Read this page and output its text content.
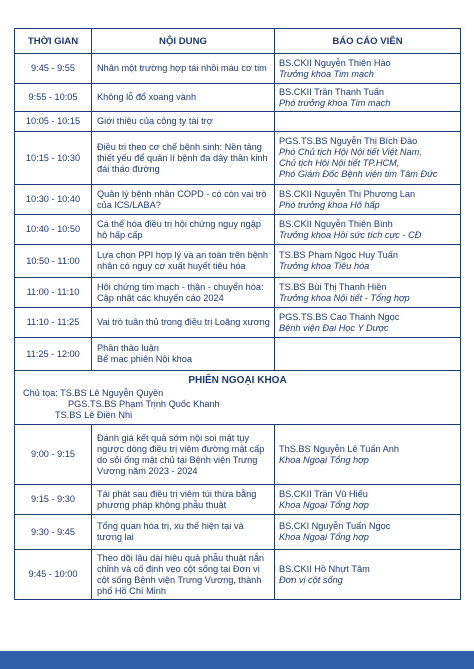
THỜI GIAN	NỘI DUNG	BÁO CÁO VIÊN
9:45 - 9:55	Nhân một trường hợp tái nhồi máu cơ tim	BS.CKII Nguyễn Thiên Hào
Trưởng khoa Tim mạch

9:55 - 10:05	Không lỗ đổ xoang vành	BS.CKII Trần Thanh Tuấn
Phó trưởng khoa Tim mạch

10:05 - 10:15	Giới thiệu của công ty tài trợ	
10:15 - 10:30	Điều trị theo cơ chế bệnh sinh: Nền tảng thiết yếu để quản lí bệnh đa dây thần kinh đái tháo đường	PGS.TS.BS Nguyễn Thị Bích Đào
Phó Chủ tịch Hội Nội tiết Việt Nam,
Chủ tịch Hội Nội tiết TP.HCM,
Phó Giám Đốc Bệnh viện tim Tâm Đức

10:30 - 10:40	Quản lý bệnh nhân COPD - có còn vai trò của ICS/LABA?	BS.CKII Nguyễn Thị Phương Lan
Phó trưởng khoa Hô hấp

10:40 - 10:50	Cá thể hóa điều trị hội chứng nguy ngập hô hấp cấp	BS.CKII Nguyễn Thiên Bình
Trưởng khoa Hồi sức tích cực - CĐ

10:50 - 11:00	Lựa chọn PPI hợp lý và an toàn trên bệnh nhân có nguy cơ xuất huyết tiêu hóa	TS.BS Phạm Ngọc Huy Tuấn
Trưởng khoa Tiêu hóa

11:00 - 11:10	Hội chứng tim mạch - thận - chuyển hóa: Cập nhật các khuyến cáo 2024	TS.BS Bùi Thị Thanh Hiền
Trưởng khoa Nội tiết - Tổng hợp

11:10 - 11:25	Vai trò tuân thủ trong điều trị Loãng xương	PGS.TS.BS Cao Thanh Ngọc
Bệnh viện Đại Học Y Dược

11:25 - 12:00	Phần thảo luận
Bế mạc phiên Nội khoa	

PHIÊN NGOẠI KHOA
Chủ tọa: TS.BS Lê Nguyễn Quyền
PGS.TS.BS Phạm Trịnh Quốc Khanh
TS.BS Lê Điền Nhi		

9:00 - 9:15	Đánh giá kết quả sớm nội soi mật tụy ngược dòng điều trị viêm đường mật cấp do sỏi ống mật chủ tại Bệnh viện Trưng Vương năm 2023 - 2024	ThS.BS Nguyễn Lê Tuấn Anh
Khoa Ngoại Tổng hợp

9:15 - 9:30	Tái phát sau điều trị viêm túi thừa bằng phương pháp không phẫu thuật	BS.CKII Trần Vũ Hiếu
Khoa Ngoại Tổng hợp

9:30 - 9:45	Tổng quan hóa trị, xu thế hiện tại và tương lai	BS.CKI Nguyễn Tuấn Ngọc
Khoa Ngoại Tổng hợp

9:45 - 10:00	Theo dõi lâu dài hiệu quả phẫu thuật nắn chỉnh và cố định vẹo cột sống tại Đơn vị cột sống Bệnh viện Trưng Vương, thành phố Hồ Chí Minh	BS.CKII Hồ Nhựt Tâm
Đơn vị cột sống
